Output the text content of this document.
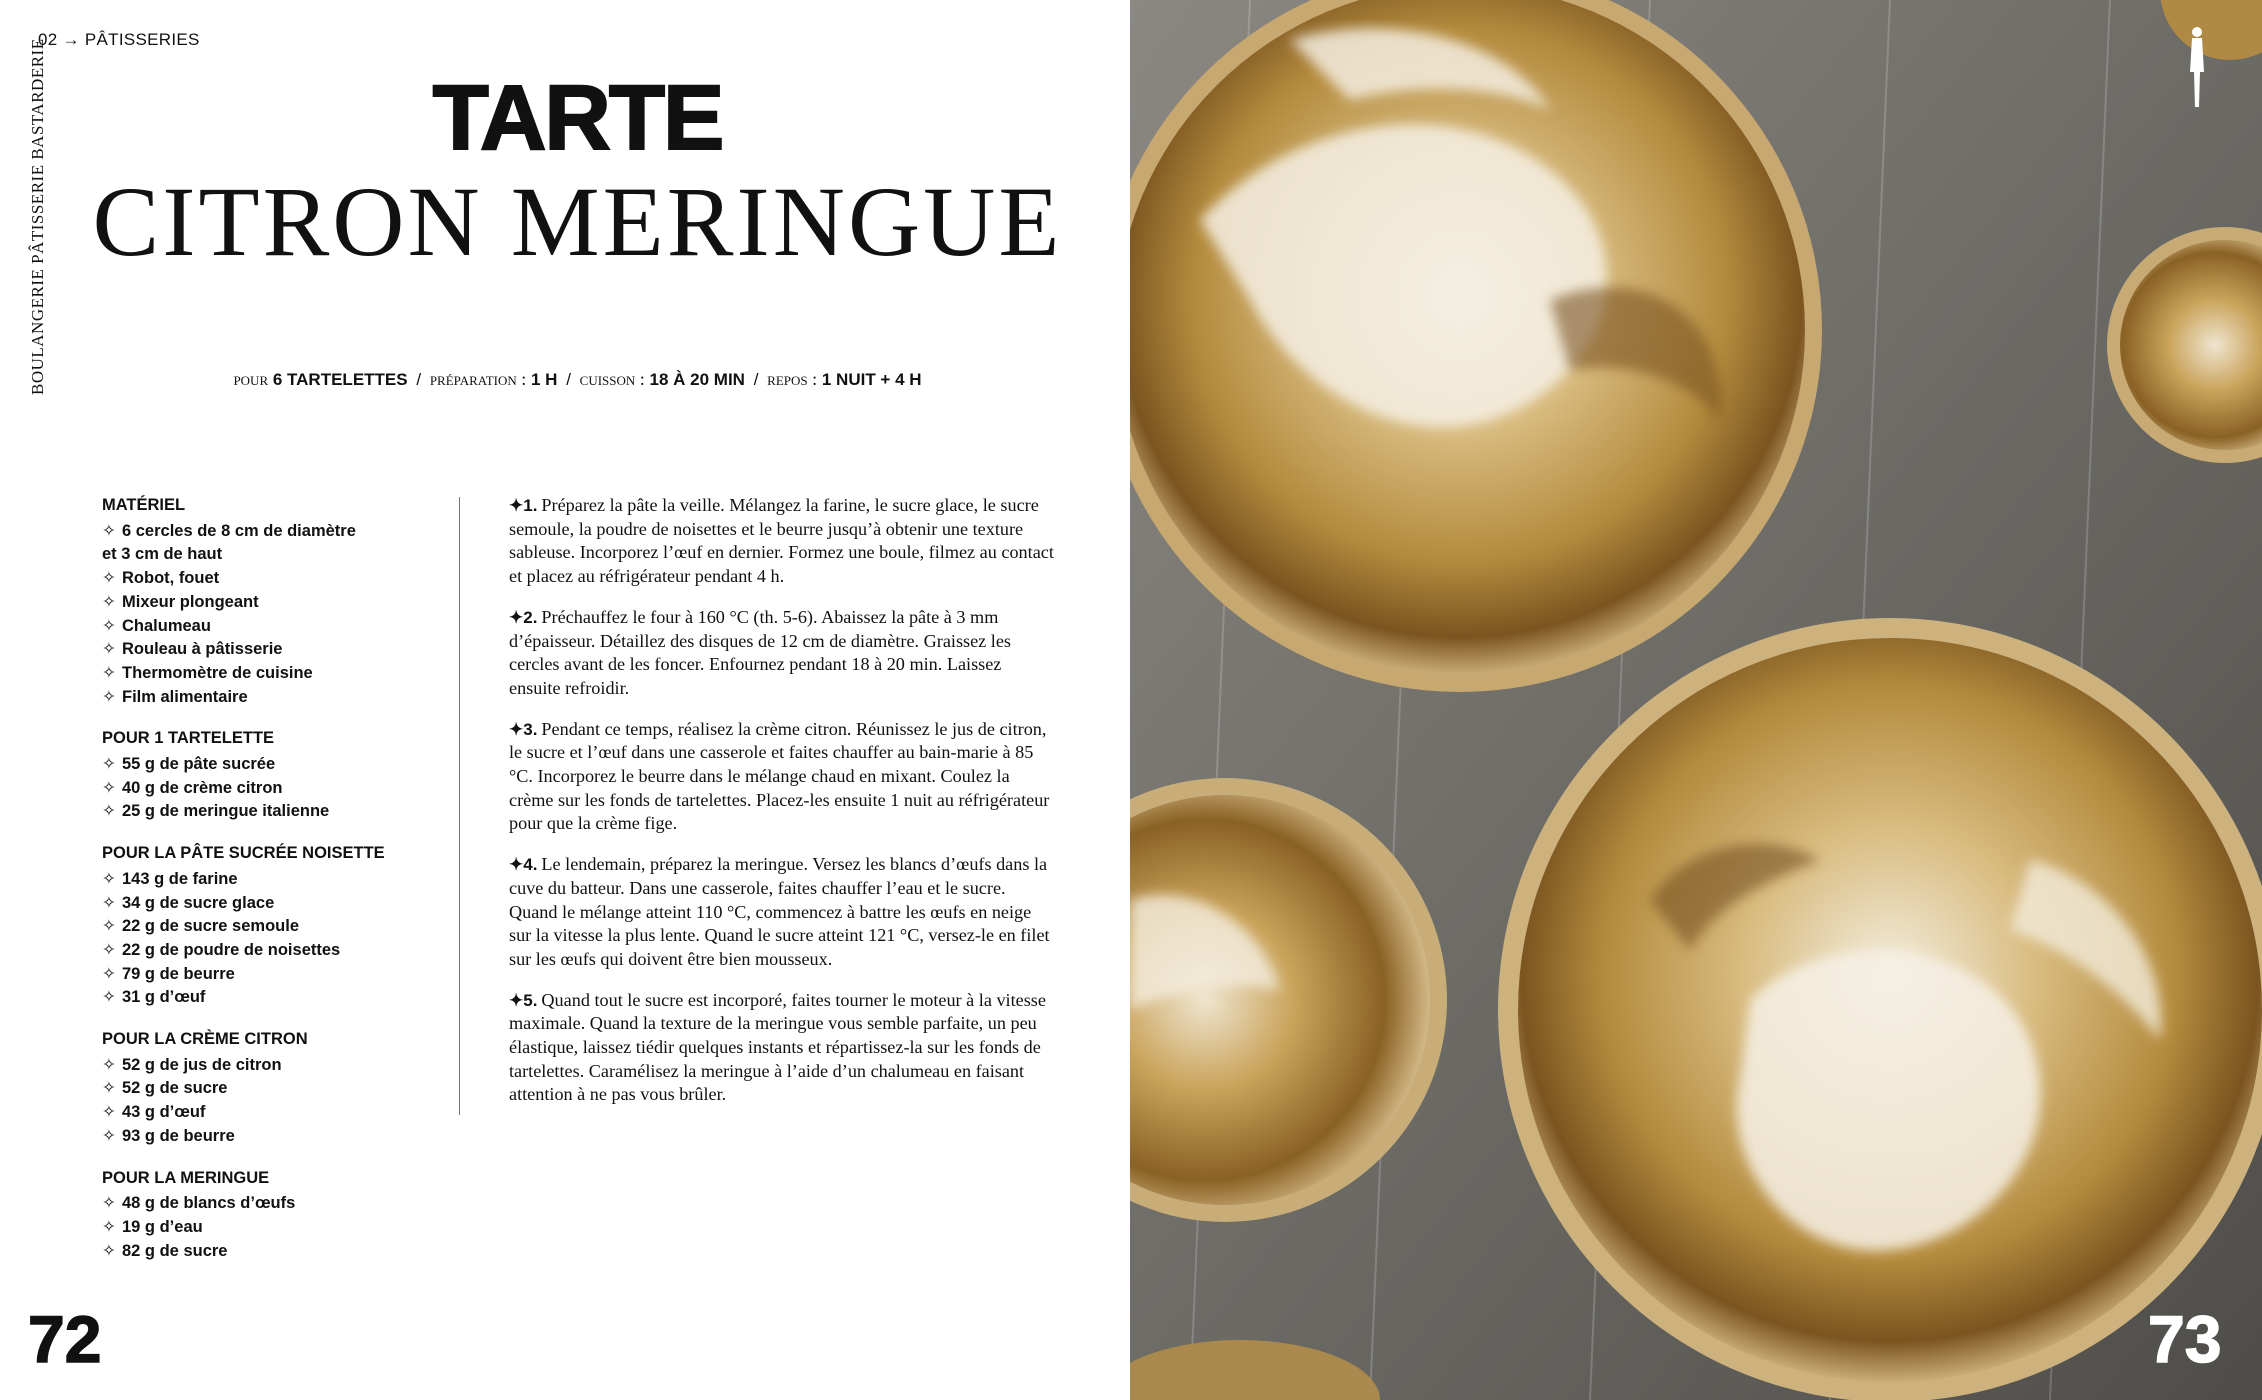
02 → PÂTISSERIES
BOULANGERIE PÂTISSERIE BASTARDERIE	TARTE
CITRON MERINGUE
pour 6 TARTELETTES / préparation : 1 H / cuisson : 18 À 20 MIN / repos : 1 NUIT + 4 H
MATÉRIEL
✧ 6 cercles de 8 cm de diamètre
et 3 cm de haut
✧ Robot, fouet
✧ Mixeur plongeant
✧ Chalumeau
✧ Rouleau à pâtisserie
✧ Thermomètre de cuisine
✧ Film alimentaire
POUR 1 TARTELETTE
✧ 55 g de pâte sucrée
✧ 40 g de crème citron
✧ 25 g de meringue italienne
POUR LA PÂTE SUCRÉE NOISETTE
✧ 143 g de farine
✧ 34 g de sucre glace
✧ 22 g de sucre semoule
✧ 22 g de poudre de noisettes
✧ 79 g de beurre
✧ 31 g d’œuf
POUR LA CRÈME CITRON
✧ 52 g de jus de citron
✧ 52 g de sucre
✧ 43 g d’œuf
✧ 93 g de beurre
POUR LA MERINGUE
✧ 48 g de blancs d’œufs
✧ 19 g d’eau
✧ 82 g de sucre
✦1. Préparez la pâte la veille. Mélangez la farine, le sucre glace, le sucre semoule, la poudre de noisettes et le beurre jusqu’à obtenir une texture sableuse. Incorporez l’œuf en dernier. Formez une boule, filmez au contact et placez au réfrigérateur pendant 4 h.
✦2. Préchauffez le four à 160 °C (th. 5-6). Abaissez la pâte à 3 mm d’épaisseur. Détaillez des disques de 12 cm de diamètre. Graissez les cercles avant de les foncer. Enfournez pendant 18 à 20 min. Laissez ensuite refroidir.
✦3. Pendant ce temps, réalisez la crème citron. Réunissez le jus de citron, le sucre et l’œuf dans une casserole et faites chauffer au bain-marie à 85 °C. Incorporez le beurre dans le mélange chaud en mixant. Coulez la crème sur les fonds de tartelettes. Placez-les ensuite 1 nuit au réfrigérateur pour que la crème fige.
✦4. Le lendemain, préparez la meringue. Versez les blancs d’œufs dans la cuve du batteur. Dans une casserole, faites chauffer l’eau et le sucre. Quand le mélange atteint 110 °C, commencez à battre les œufs en neige sur la vitesse la plus lente. Quand le sucre atteint 121 °C, versez-le en filet sur les œufs qui doivent être bien mousseux.
✦5. Quand tout le sucre est incorporé, faites tourner le moteur à la vitesse maximale. Quand la texture de la meringue vous semble parfaite, un peu élastique, laissez tiédir quelques instants et répartissez-la sur les fonds de tartelettes. Caramélisez la meringue à l’aide d’un chalumeau en faisant attention à ne pas vous brûler.
72	73
